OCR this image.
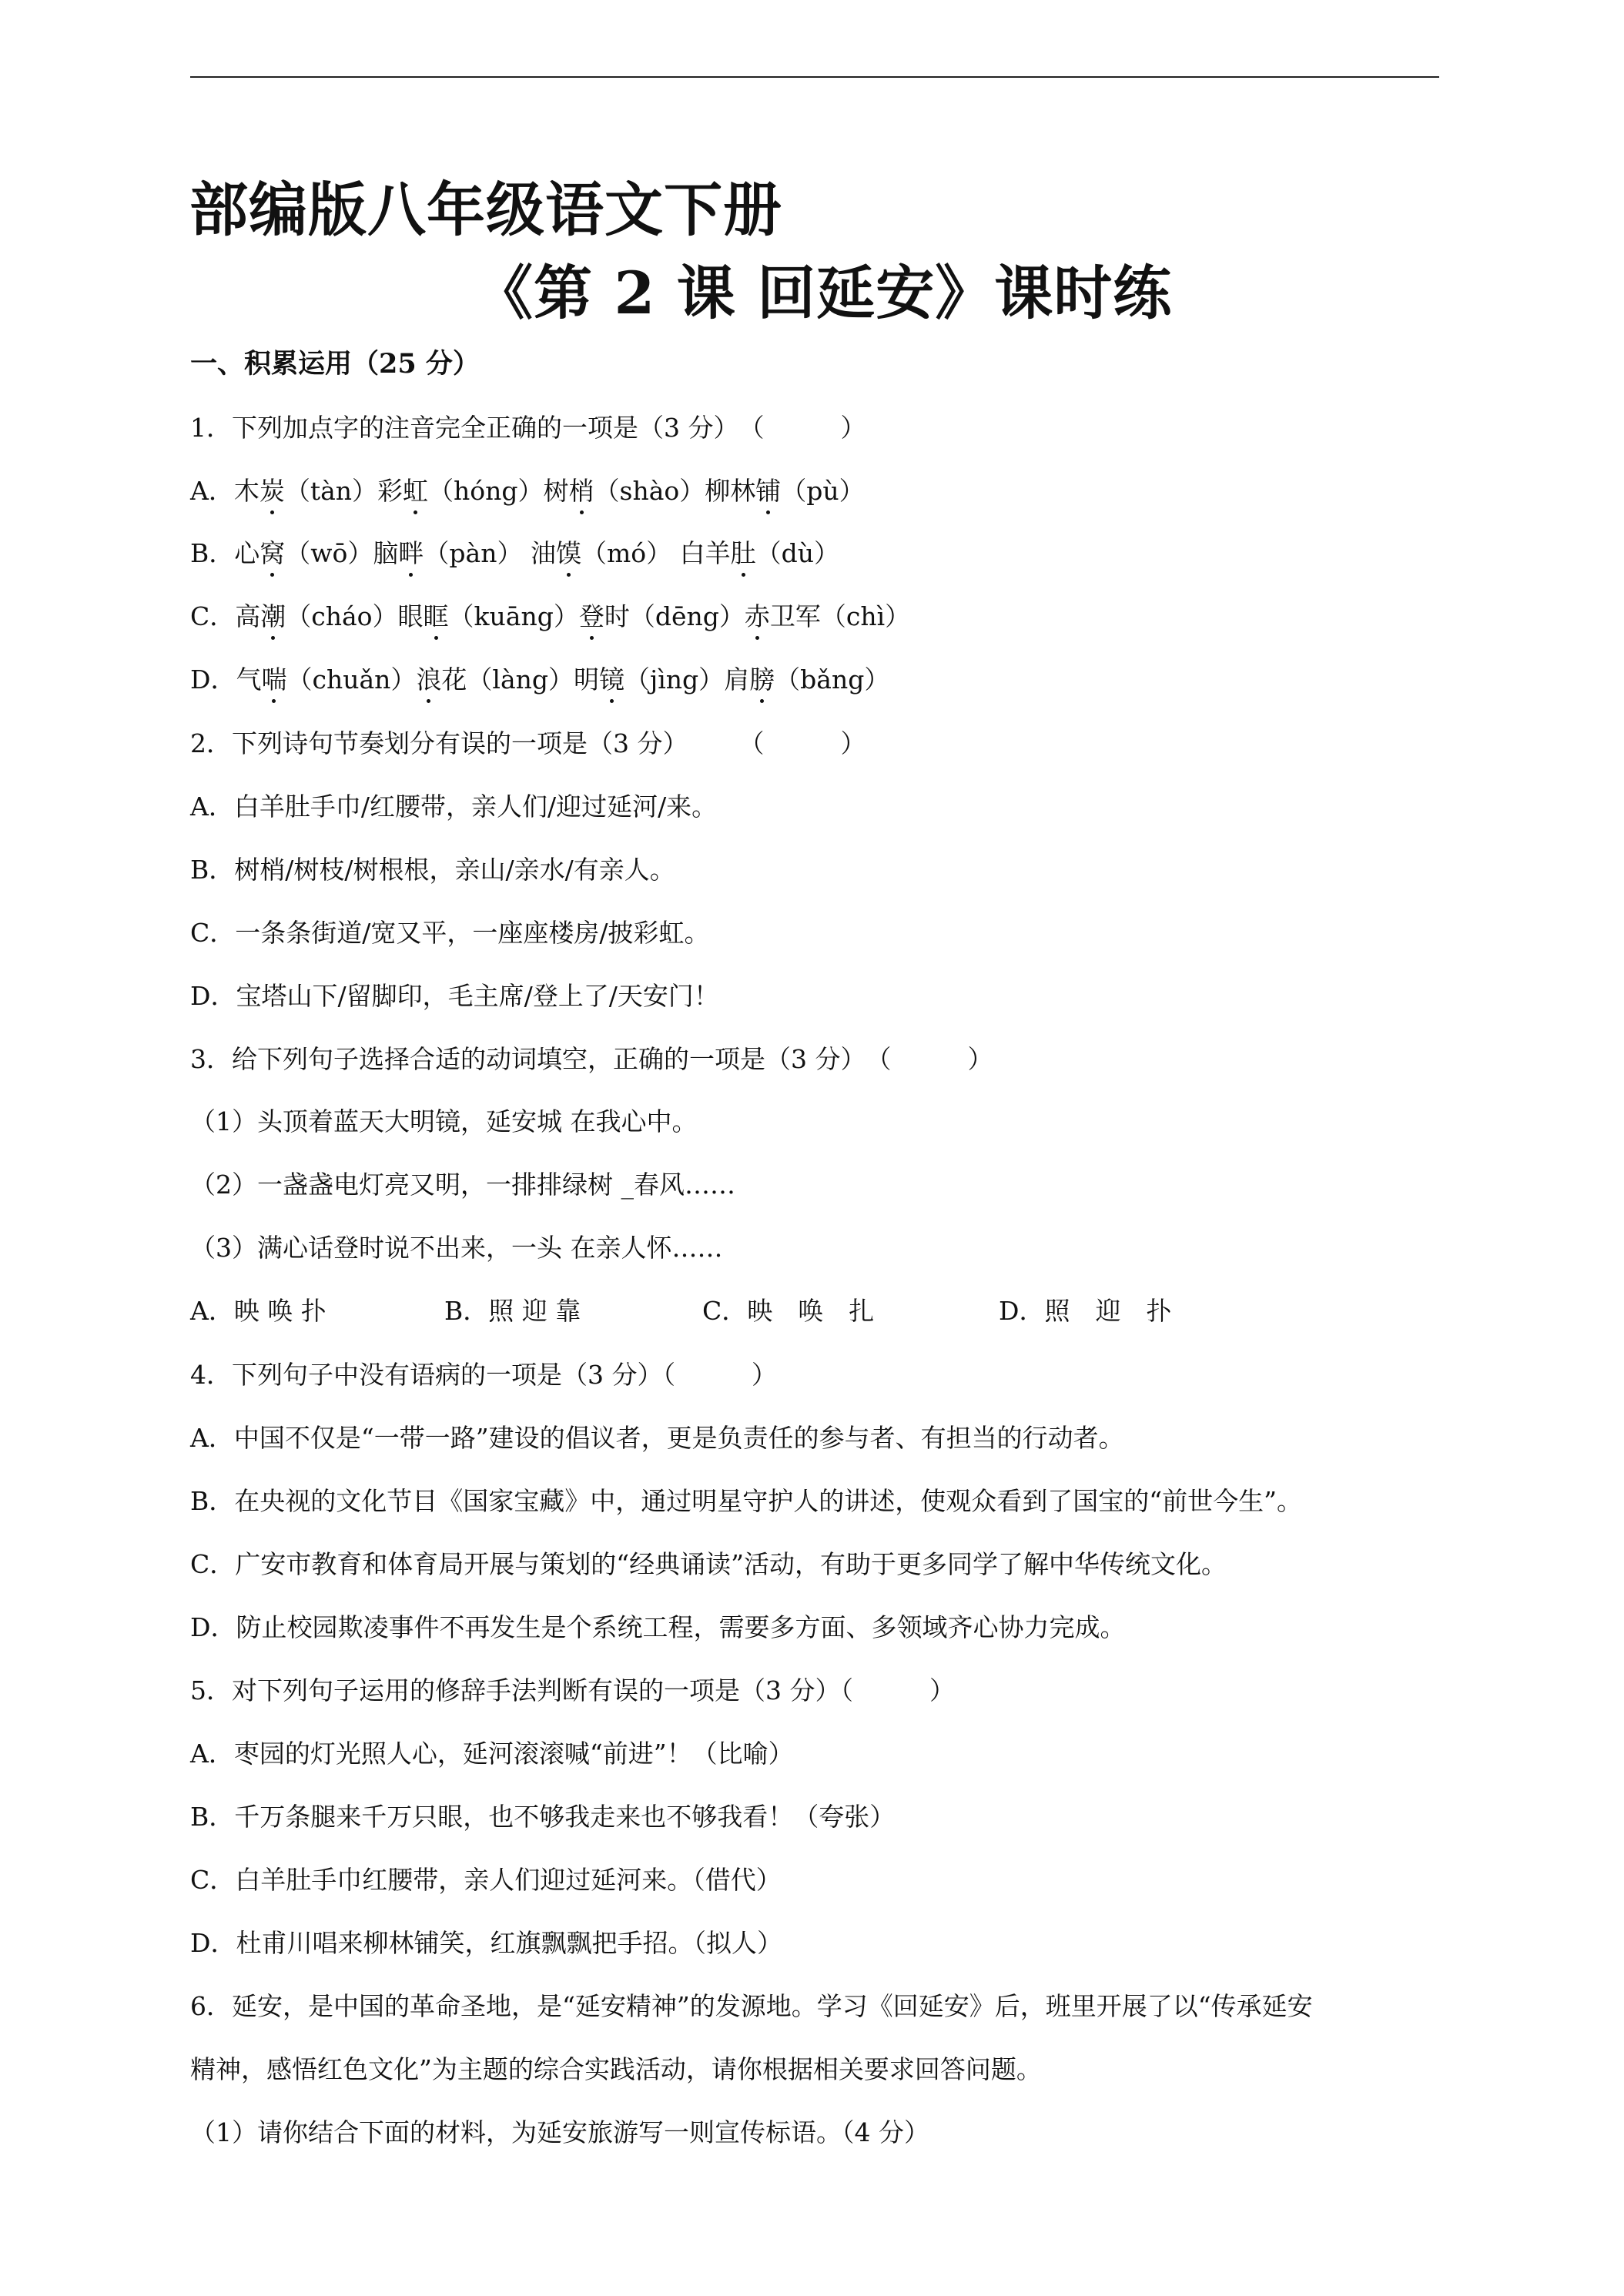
部编版八年级语文下册
《第 2 课 回延安》课时练
一、积累运用（25 分）
1．下列加点字的注音完全正确的一项是（3 分）　（　　　）
A．木炭（tàn）彩虹（hóng）树梢（shào）柳林铺（pù）
B．心窝（wō）脑畔（pàn） 油馍（mó） 白羊肚（dù）
C．高潮（cháo）眼眶（kuāng）登时（dēng）赤卫军（chì）
D．气喘（chuǎn）浪花（làng）明镜（jìng）肩膀（bǎng）
2．下列诗句节奏划分有误的一项是（3 分）　　　（　　　）
A．白羊肚手巾/红腰带，亲人们/迎过延河/来。
B．树梢/树枝/树根根，亲山/亲水/有亲人。
C．一条条街道/宽又平，一座座楼房/披彩虹。
D．宝塔山下/留脚印，毛主席/登上了/天安门！
3．给下列句子选择合适的动词填空，正确的一项是（3 分）　（　　　）
（1）头顶着蓝天大明镜，延安城 在我心中。
（2）一盏盏电灯亮又明，一排排绿树 _春风……
（3）满心话登时说不出来，一头 在亲人怀……
A．映 唤 扑	B．照 迎 靠	C．映　唤　扎	D．照　迎　扑
4．下列句子中没有语病的一项是（3 分）（　　　）
A．中国不仅是“一带一路”建设的倡议者，更是负责任的参与者、有担当的行动者。
B．在央视的文化节目《国家宝藏》中，通过明星守护人的讲述，使观众看到了国宝的“前世今生”。
C．广安市教育和体育局开展与策划的“经典诵读”活动，有助于更多同学了解中华传统文化。
D．防止校园欺凌事件不再发生是个系统工程，需要多方面、多领域齐心协力完成。
5．对下列句子运用的修辞手法判断有误的一项是（3 分）（　　　）
A．枣园的灯光照人心，延河滚滚喊“前进”！（比喻）
B．千万条腿来千万只眼，也不够我走来也不够我看！（夸张）
C．白羊肚手巾红腰带，亲人们迎过延河来。（借代）
D．杜甫川唱来柳林铺笑，红旗飘飘把手招。（拟人）
6．延安，是中国的革命圣地，是“延安精神”的发源地。学习《回延安》后，班里开展了以“传承延安
精神，感悟红色文化”为主题的综合实践活动，请你根据相关要求回答问题。
（1）请你结合下面的材料，为延安旅游写一则宣传标语。（4 分）
